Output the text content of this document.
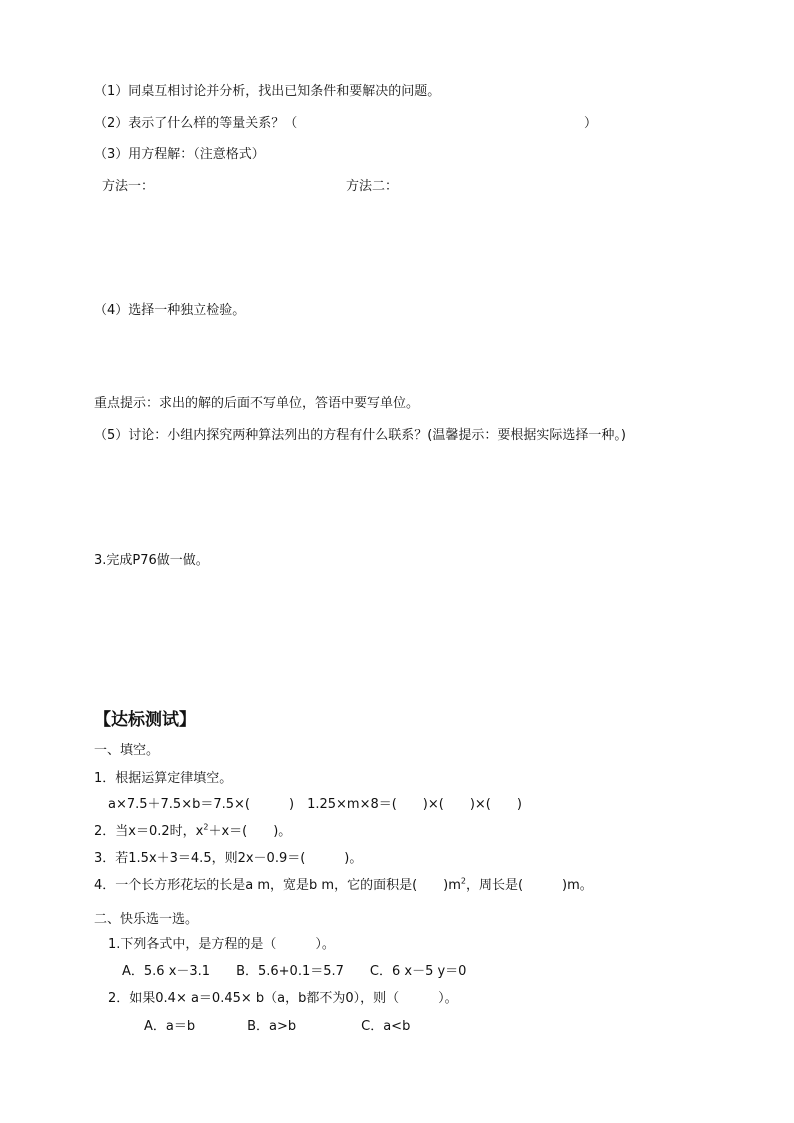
（1）同桌互相讨论并分析，找出已知条件和要解决的问题。
（2）表示了什么样的等量关系？（	）
（3）用方程解：（注意格式）
方法一：	方法二：
（4）选择一种独立检验。
重点提示：求出的解的后面不写单位，答语中要写单位。
（5）讨论：小组内探究两种算法列出的方程有什么联系？(温馨提示：要根据实际选择一种。)
3.完成P76做一做。
【达标测试】
一、填空。
1．根据运算定律填空。
a×7.5＋7.5×b＝7.5×(　　　)　1.25×m×8＝(　　)×(　　)×(　　)
2．当x＝0.2时，$x^2+x=$(　　)。
3．若1.5x＋3＝4.5，则2x－0.9＝(　　　)。
4．一个长方形花坛的长是a m，宽是b m，它的面积是(　　)$m^2$，周长是(　　　)m。
二、快乐选一选。
1.下列各式中，是方程的是（　　　）。
A．5.6 x－3.1　　B．5.6+0.1＝5.7　　C．6 x－5 y＝0
2．如果0.4× a＝0.45× b（a，b都不为0），则（　　　）。
A．a＝b　　　　B．a>b　　　　　C．a<b
